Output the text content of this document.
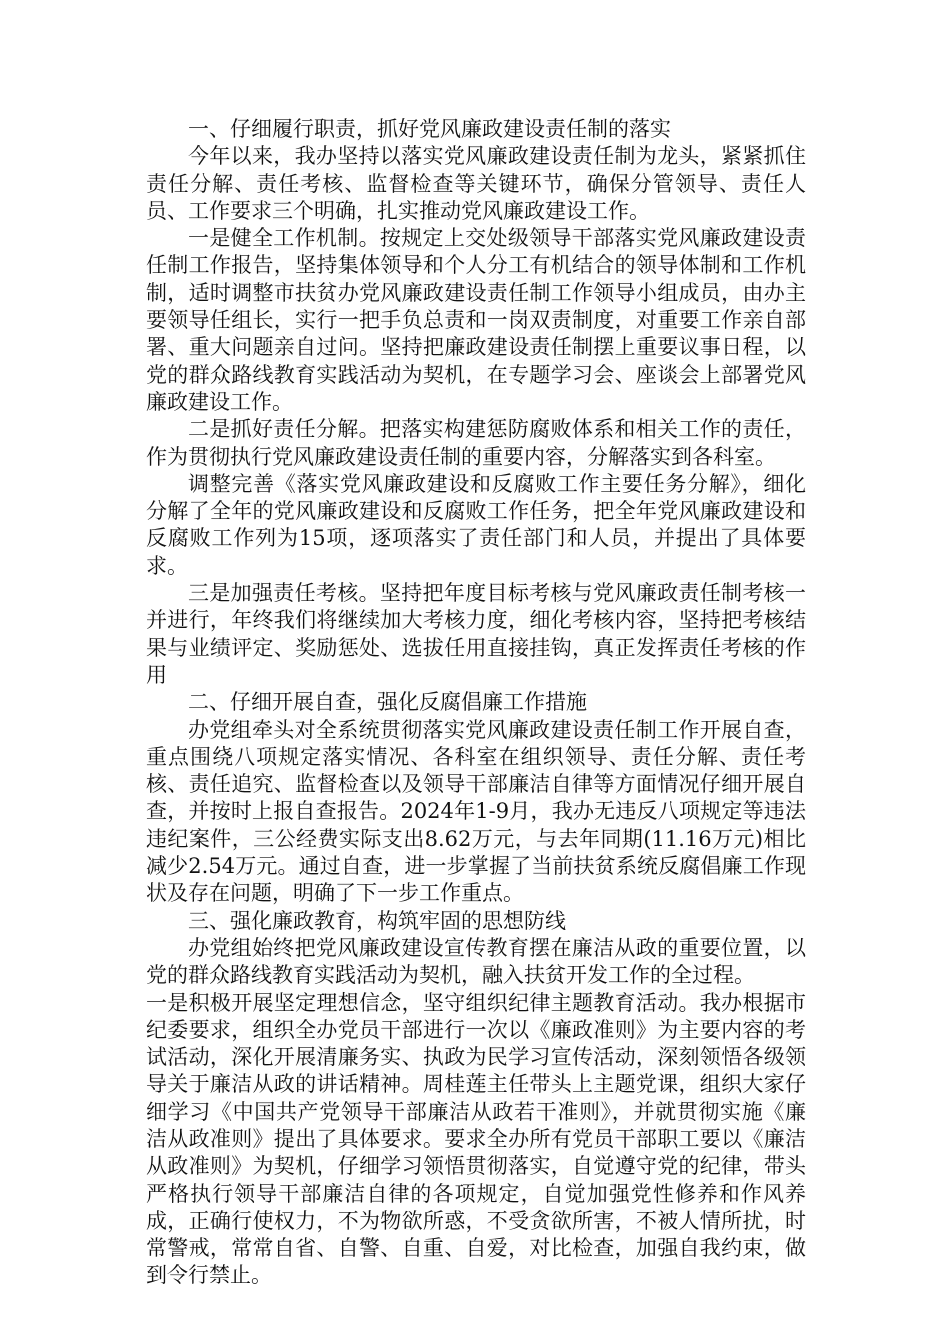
一、仔细履行职责，抓好党风廉政建设责任制的落实

今年以来，我办坚持以落实党风廉政建设责任制为龙头，紧紧抓住责任分解、责任考核、监督检查等关键环节，确保分管领导、责任人员、工作要求三个明确，扎实推动党风廉政建设工作。

一是健全工作机制。按规定上交处级领导干部落实党风廉政建设责任制工作报告，坚持集体领导和个人分工有机结合的领导体制和工作机制，适时调整市扶贫办党风廉政建设责任制工作领导小组成员，由办主要领导任组长，实行一把手负总责和一岗双责制度，对重要工作亲自部署、重大问题亲自过问。坚持把廉政建设责任制摆上重要议事日程，以党的群众路线教育实践活动为契机，在专题学习会、座谈会上部署党风廉政建设工作。

二是抓好责任分解。把落实构建惩防腐败体系和相关工作的责任，作为贯彻执行党风廉政建设责任制的重要内容，分解落实到各科室。

调整完善《落实党风廉政建设和反腐败工作主要任务分解》，细化分解了全年的党风廉政建设和反腐败工作任务，把全年党风廉政建设和反腐败工作列为15项，逐项落实了责任部门和人员，并提出了具体要求。

三是加强责任考核。坚持把年度目标考核与党风廉政责任制考核一并进行，年终我们将继续加大考核力度，细化考核内容，坚持把考核结果与业绩评定、奖励惩处、选拔任用直接挂钩，真正发挥责任考核的作用

二、仔细开展自查，强化反腐倡廉工作措施

办党组牵头对全系统贯彻落实党风廉政建设责任制工作开展自查，重点围绕八项规定落实情况、各科室在组织领导、责任分解、责任考核、责任追究、监督检查以及领导干部廉洁自律等方面情况仔细开展自查，并按时上报自查报告。2024年1-9月，我办无违反八项规定等违法违纪案件，三公经费实际支出8.62万元，与去年同期(11.16万元)相比减少2.54万元。通过自查，进一步掌握了当前扶贫系统反腐倡廉工作现状及存在问题，明确了下一步工作重点。

三、强化廉政教育，构筑牢固的思想防线

办党组始终把党风廉政建设宣传教育摆在廉洁从政的重要位置，以党的群众路线教育实践活动为契机，融入扶贫开发工作的全过程。

一是积极开展坚定理想信念，坚守组织纪律主题教育活动。我办根据市纪委要求，组织全办党员干部进行一次以《廉政准则》为主要内容的考试活动，深化开展清廉务实、执政为民学习宣传活动，深刻领悟各级领导关于廉洁从政的讲话精神。周桂莲主任带头上主题党课，组织大家仔细学习《中国共产党领导干部廉洁从政若干准则》，并就贯彻实施《廉洁从政准则》提出了具体要求。要求全办所有党员干部职工要以《廉洁从政准则》为契机，仔细学习领悟贯彻落实，自觉遵守党的纪律，带头严格执行领导干部廉洁自律的各项规定，自觉加强党性修养和作风养成，正确行使权力，不为物欲所惑，不受贪欲所害，不被人情所扰，时常警戒，常常自省、自警、自重、自爱，对比检查，加强自我约束，做到令行禁止。
